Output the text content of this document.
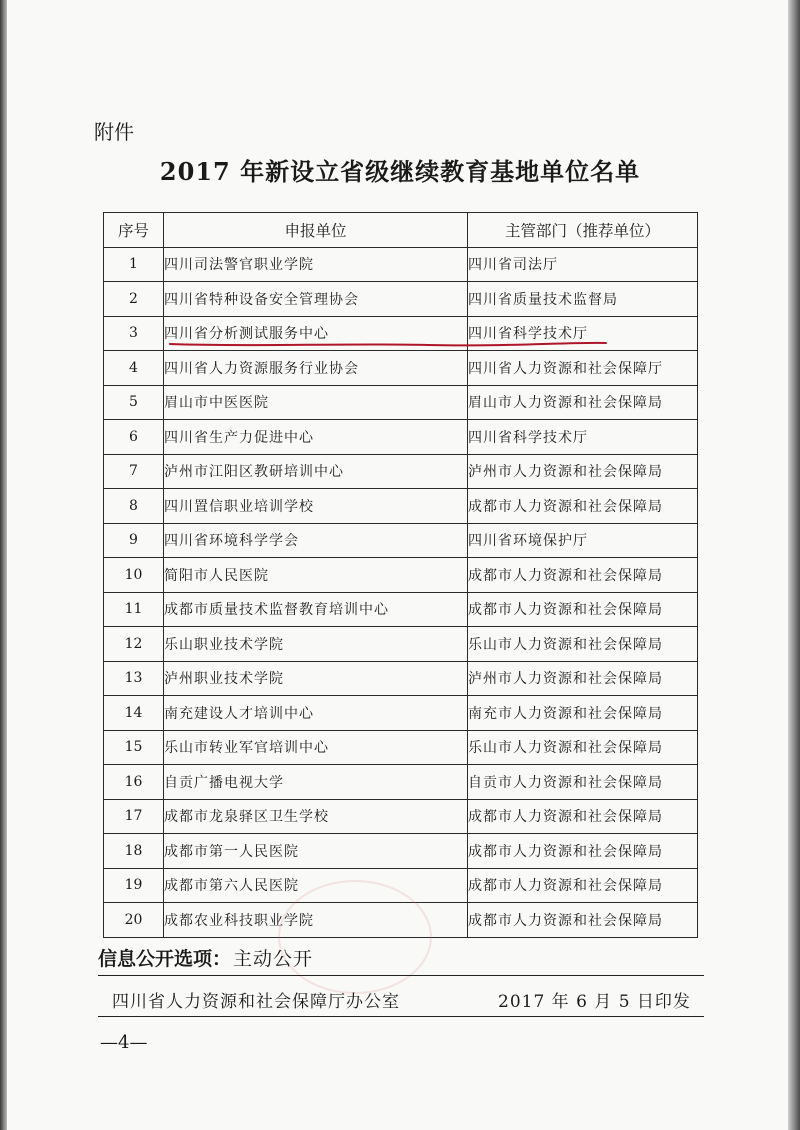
附件
2017 年新设立省级继续教育基地单位名单
序号	申报单位	主管部门（推荐单位）
1	四川司法警官职业学院	四川省司法厅
2	四川省特种设备安全管理协会	四川省质量技术监督局
3	四川省分析测试服务中心	四川省科学技术厅
4	四川省人力资源服务行业协会	四川省人力资源和社会保障厅
5	眉山市中医医院	眉山市人力资源和社会保障局
6	四川省生产力促进中心	四川省科学技术厅
7	泸州市江阳区教研培训中心	泸州市人力资源和社会保障局
8	四川置信职业培训学校	成都市人力资源和社会保障局
9	四川省环境科学学会	四川省环境保护厅
10	简阳市人民医院	成都市人力资源和社会保障局
11	成都市质量技术监督教育培训中心	成都市人力资源和社会保障局
12	乐山职业技术学院	乐山市人力资源和社会保障局
13	泸州职业技术学院	泸州市人力资源和社会保障局
14	南充建设人才培训中心	南充市人力资源和社会保障局
15	乐山市转业军官培训中心	乐山市人力资源和社会保障局
16	自贡广播电视大学	自贡市人力资源和社会保障局
17	成都市龙泉驿区卫生学校	成都市人力资源和社会保障局
18	成都市第一人民医院	成都市人力资源和社会保障局
19	成都市第六人民医院	成都市人力资源和社会保障局
20	成都农业科技职业学院	成都市人力资源和社会保障局
信息公开选项： 主动公开
四川省人力资源和社会保障厅办公室	2017 年 6 月 5 日印发
—4—
